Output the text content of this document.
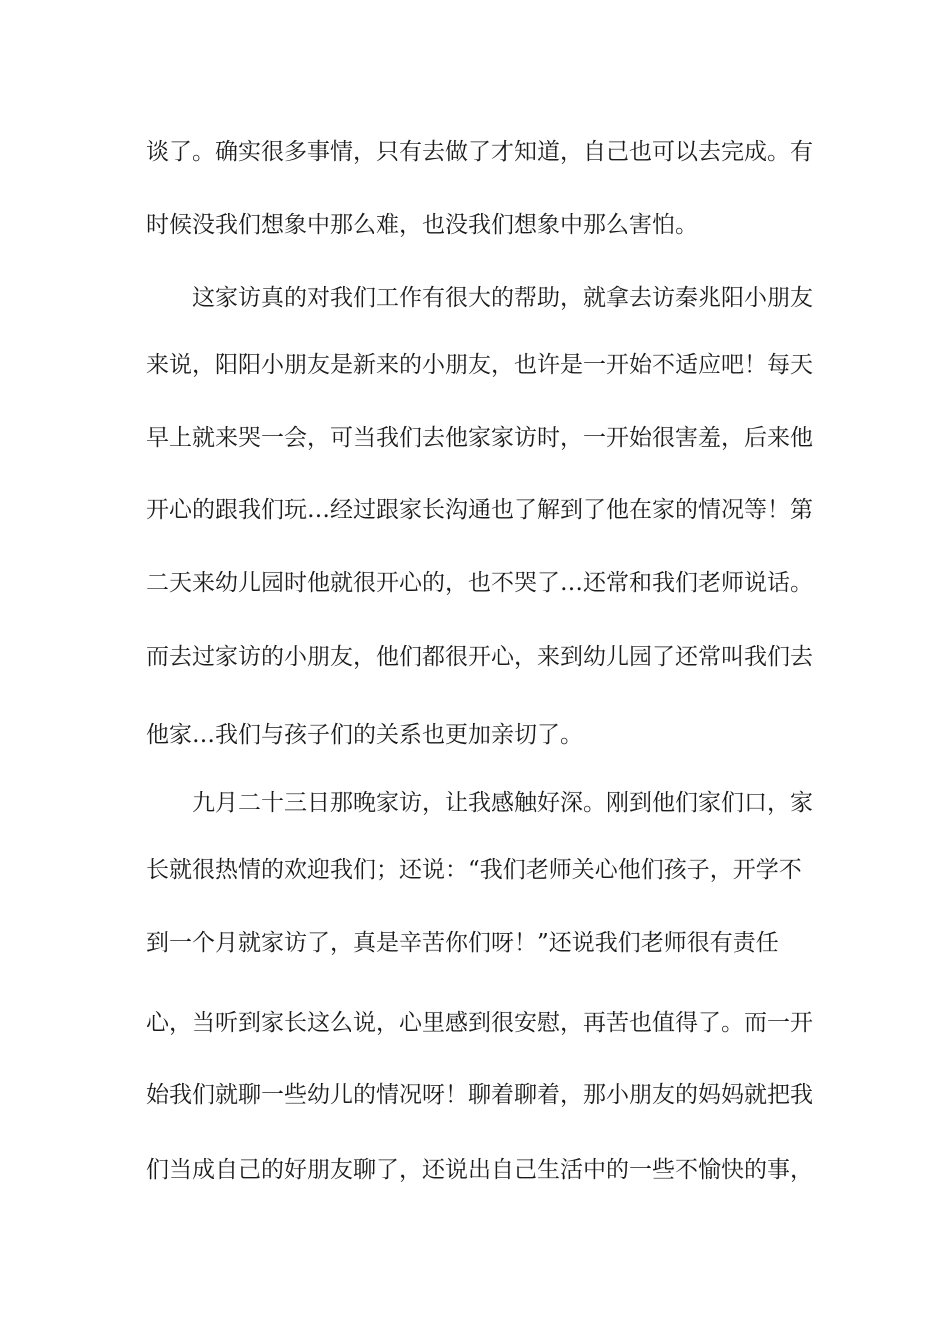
谈了。确实很多事情，只有去做了才知道，自己也可以去完成。有
时候没我们想象中那么难，也没我们想象中那么害怕。
这家访真的对我们工作有很大的帮助，就拿去访秦兆阳小朋友
来说，阳阳小朋友是新来的小朋友，也许是一开始不适应吧！每天
早上就来哭一会，可当我们去他家家访时，一开始很害羞，后来他
开心的跟我们玩…经过跟家长沟通也了解到了他在家的情况等！第
二天来幼儿园时他就很开心的，也不哭了…还常和我们老师说话。
而去过家访的小朋友，他们都很开心，来到幼儿园了还常叫我们去
他家…我们与孩子们的关系也更加亲切了。
九月二十三日那晚家访，让我感触好深。刚到他们家们口，家
长就很热情的欢迎我们；还说：“我们老师关心他们孩子，开学不
到一个月就家访了，真是辛苦你们呀！”还说我们老师很有责任
心，当听到家长这么说，心里感到很安慰，再苦也值得了。而一开
始我们就聊一些幼儿的情况呀！聊着聊着，那小朋友的妈妈就把我
们当成自己的好朋友聊了，还说出自己生活中的一些不愉快的事，
